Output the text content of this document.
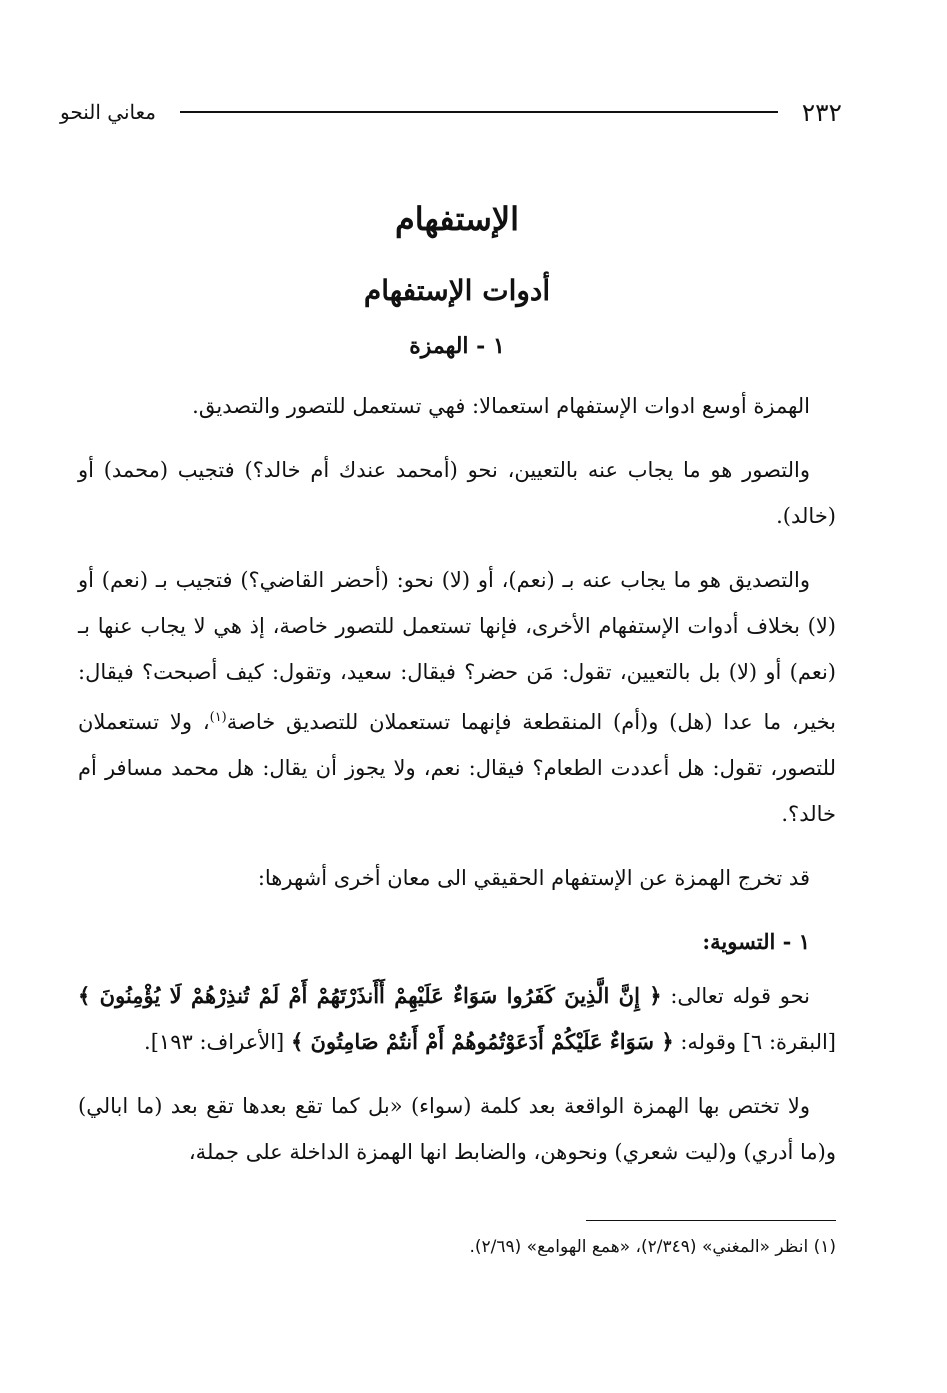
٢٣٢
معاني النحو
الإستفهام
أدوات الإستفهام
١ - الهمزة

الهمزة أوسع ادوات الإستفهام استعمالا: فهي تستعمل للتصور والتصديق.

والتصور هو ما يجاب عنه بالتعيين، نحو (أمحمد عندك أم خالد؟) فتجيب (محمد) أو (خالد).

والتصديق هو ما يجاب عنه بـ (نعم)، أو (لا) نحو: (أحضر القاضي؟) فتجيب بـ (نعم) أو (لا) بخلاف أدوات الإستفهام الأخرى، فإنها تستعمل للتصور خاصة، إذ هي لا يجاب عنها بـ (نعم) أو (لا) بل بالتعيين، تقول: مَن حضر؟ فيقال: سعيد، وتقول: كيف أصبحت؟ فيقال: بخير، ما عدا (هل) و(أم) المنقطعة فإنهما تستعملان للتصديق خاصة$^{(١)}$، ولا تستعملان للتصور، تقول: هل أعددت الطعام؟ فيقال: نعم، ولا يجوز أن يقال: هل محمد مسافر أم خالد؟.

قد تخرج الهمزة عن الإستفهام الحقيقي الى معان أخرى أشهرها:

١ - التسوية:

نحو قوله تعالى: ﴿ إِنَّ الَّذِينَ كَفَرُوا سَوَاءٌ عَلَيْهِمْ أَأَنذَرْتَهُمْ أَمْ لَمْ تُنذِرْهُمْ لَا يُؤْمِنُونَ ﴾ [البقرة: ٦] وقوله: ﴿ سَوَاءٌ عَلَيْكُمْ أَدَعَوْتُمُوهُمْ أَمْ أَنتُمْ صَامِتُونَ ﴾ [الأعراف: ١٩٣].

ولا تختص بها الهمزة الواقعة بعد كلمة (سواء) «بل كما تقع بعدها تقع بعد (ما ابالي) و(ما أدري) و(ليت شعري) ونحوهن، والضابط انها الهمزة الداخلة على جملة،

(١) انظر «المغني» (٢/٣٤٩)، «همع الهوامع» (٢/٦٩).
